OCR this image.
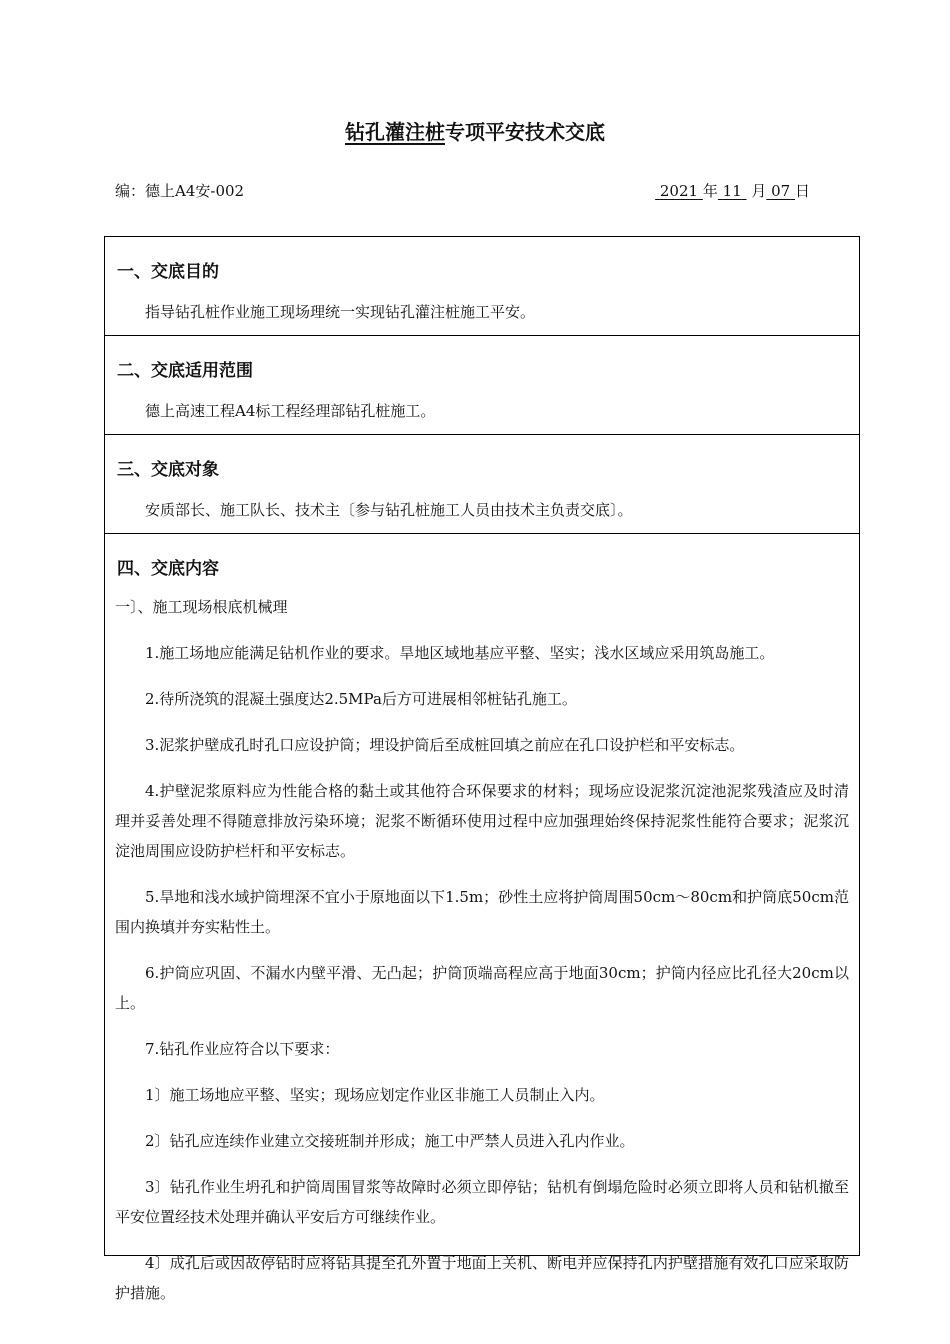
钻孔灌注桩专项平安技术交底
编：德上A4安-002	2021 年 11 月 07 日
一、交底目的

指导钻孔桩作业施工现场理统一实现钻孔灌注桩施工平安。

二、交底适用范围

德上高速工程A4标工程经理部钻孔桩施工。

三、交底对象

安质部长、施工队长、技术主〔参与钻孔桩施工人员由技术主负责交底〕。

四、交底内容

一〕、施工现场根底机械理

1.施工场地应能满足钻机作业的要求。旱地区域地基应平整、坚实；浅水区域应采用筑岛施工。

2.待所浇筑的混凝土强度达2.5MPa后方可进展相邻桩钻孔施工。

3.泥浆护壁成孔时孔口应设护筒；埋设护筒后至成桩回填之前应在孔口设护栏和平安标志。

4.护壁泥浆原料应为性能合格的黏土或其他符合环保要求的材料；现场应设泥浆沉淀池泥浆残渣应及时清理并妥善处理不得随意排放污染环境；泥浆不断循环使用过程中应加强理始终保持泥浆性能符合要求；泥浆沉淀池周围应设防护栏杆和平安标志。

5.旱地和浅水域护筒埋深不宜小于原地面以下1.5m；砂性土应将护筒周围50cm～80cm和护筒底50cm范围内换填并夯实粘性土。

6.护筒应巩固、不漏水内壁平滑、无凸起；护筒顶端高程应高于地面30cm；护筒内径应比孔径大20cm以上。

7.钻孔作业应符合以下要求：

1〕施工场地应平整、坚实；现场应划定作业区非施工人员制止入内。

2〕钻孔应连续作业建立交接班制并形成；施工中严禁人员进入孔内作业。

3〕钻孔作业生坍孔和护筒周围冒浆等故障时必须立即停钻；钻机有倒塌危险时必须立即将人员和钻机撤至平安位置经技术处理并确认平安后方可继续作业。

4〕成孔后或因故停钻时应将钻具提至孔外置于地面上关机、断电并应保持孔内护壁措施有效孔口应采取防护措施。
